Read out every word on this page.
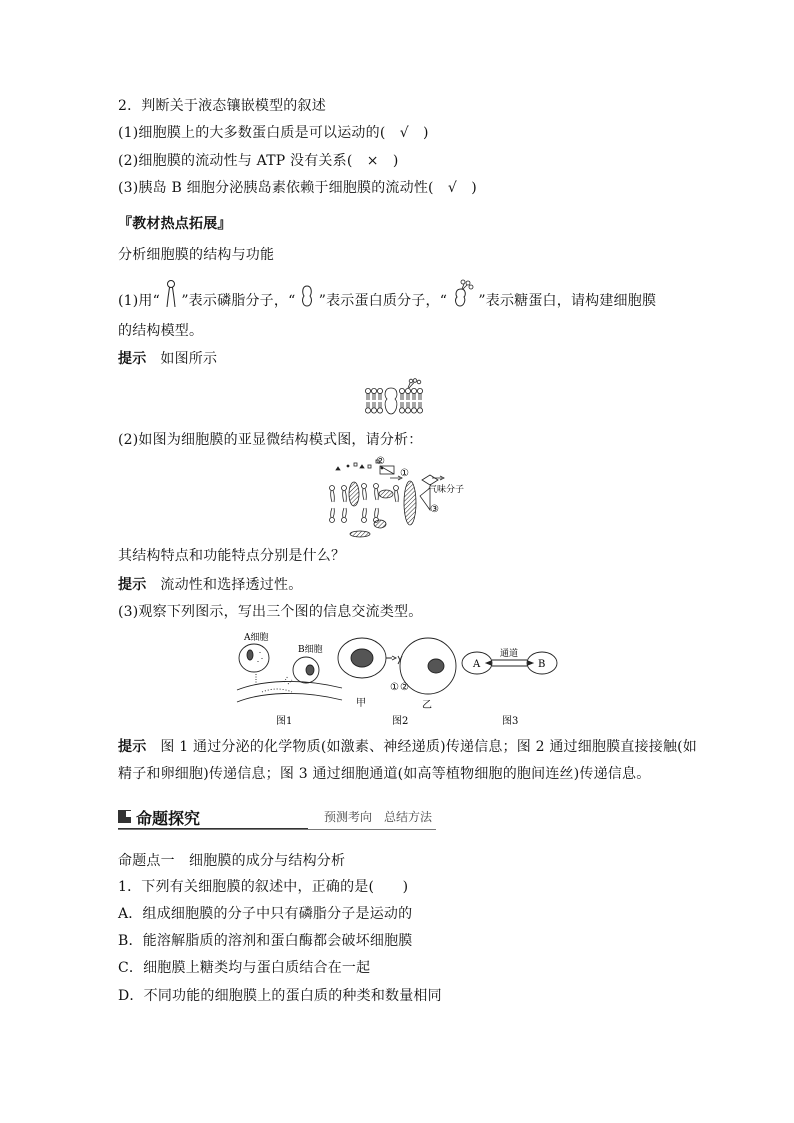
2．判断关于液态镶嵌模型的叙述
(1)细胞膜上的大多数蛋白质是可以运动的(　√　)
(2)细胞膜的流动性与 ATP 没有关系(　×　)
(3)胰岛 B 细胞分泌胰岛素依赖于细胞膜的流动性(　√　)
『教材热点拓展』
分析细胞膜的结构与功能
(1)用“ ”表示磷脂分子，“ ”表示蛋白质分子，“ ”表示糖蛋白，请构建细胞膜
的结构模型。
提示 如图所示
(2)如图为细胞膜的亚显微结构模式图，请分析：
②
①
气味分子
③
其结构特点和功能特点分别是什么？
提示 流动性和选择透过性。
(3)观察下列图示，写出三个图的信息交流类型。
A细胞
B细胞
甲
① ②
乙
通道
A	B
图1	图2	图3
提示 图 1 通过分泌的化学物质(如激素、神经递质)传递信息；图 2 通过细胞膜直接接触(如
精子和卵细胞)传递信息；图 3 通过细胞通道(如高等植物细胞的胞间连丝)传递信息。
命题探究	预测考向　总结方法
命题点一　细胞膜的成分与结构分析
1．下列有关细胞膜的叙述中，正确的是(　　)
A．组成细胞膜的分子中只有磷脂分子是运动的
B．能溶解脂质的溶剂和蛋白酶都会破坏细胞膜
C．细胞膜上糖类均与蛋白质结合在一起
D．不同功能的细胞膜上的蛋白质的种类和数量相同
